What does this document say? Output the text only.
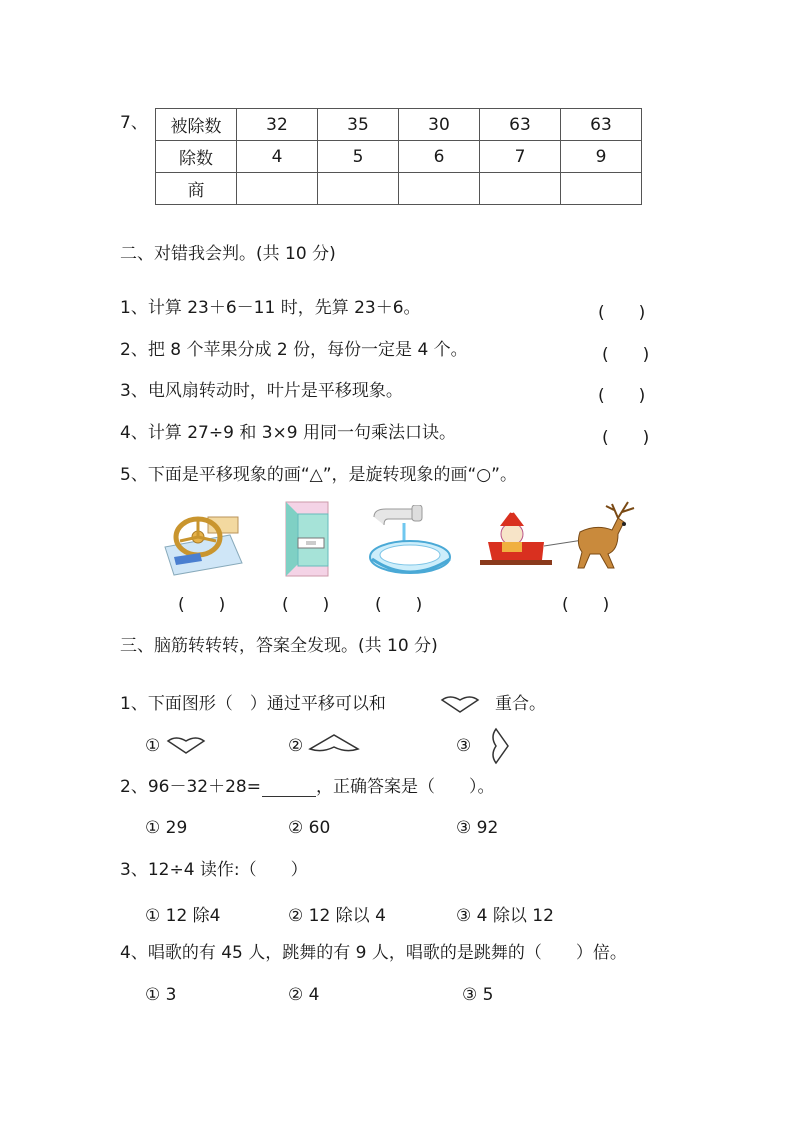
7、 被除数	32	35	30	63	63
除数	4	5	6	7	9
商					
二、对错我会判。(共 10 分)
1、计算 23＋6－11 时，先算 23＋6。	(　　)
2、把 8 个苹果分成 2 份，每份一定是 4 个。	(　　)
3、电风扇转动时，叶片是平移现象。	(　　)
4、计算 27÷9 和 3×9 用同一句乘法口诀。	(　　)
5、下面是平移现象的画“△”，是旋转现象的画“○”。
(　　)	(　　)	(　　)	(　　)
三、脑筋转转转，答案全发现。(共 10 分)
1、下面图形（　）通过平移可以和	重合。
①	②	③
2、96－32＋28=	，正确答案是（　　）。
① 29	② 60	③ 92
3、12÷4 读作:（　　）
① 12 除4	② 12 除以 4	③ 4 除以 12
4、唱歌的有 45 人，跳舞的有 9 人，唱歌的是跳舞的（　　）倍。
① 3	② 4	③ 5
